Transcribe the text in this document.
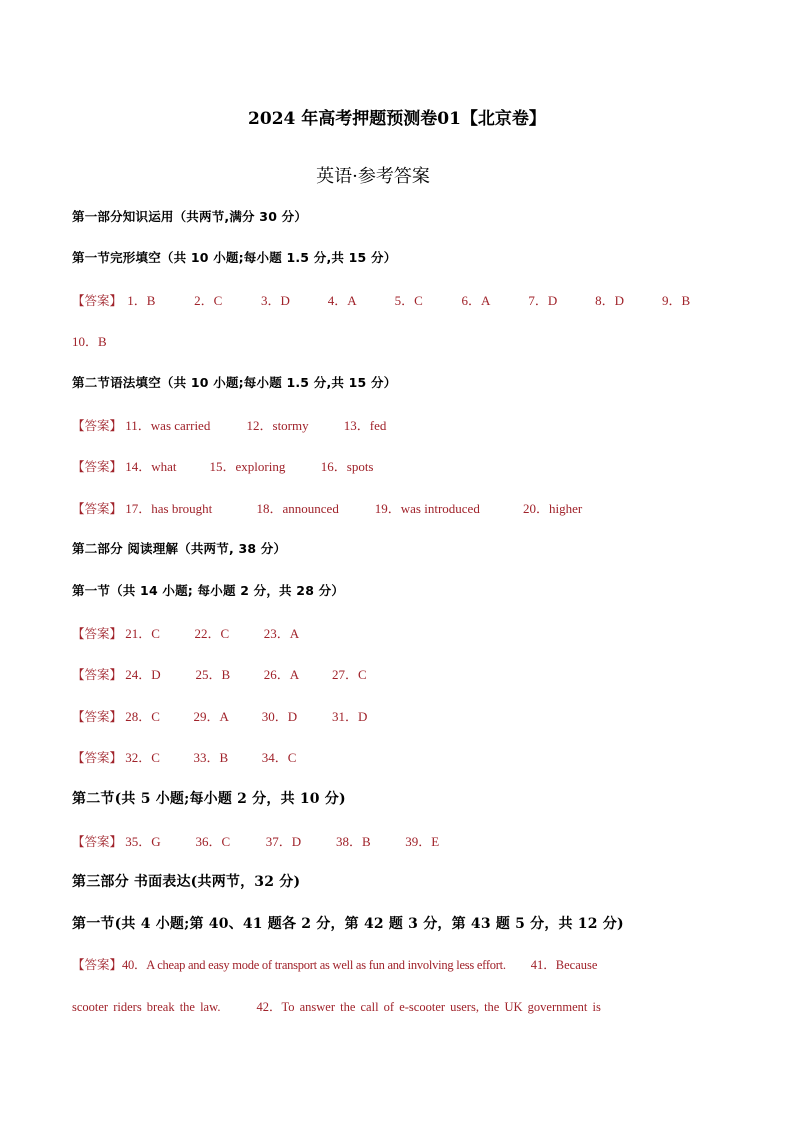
2024 年高考押题预测卷01【北京卷】
英语·参考答案
第一部分知识运用（共两节,满分 30 分）
第一节完形填空（共 10 小题;每小题 1.5 分,共 15 分）
【答案】 1．B	2．C	3．D	4．A	5．C	6．A	7．D	8．D	9．B
10．B
第二节语法填空（共 10 小题;每小题 1.5 分,共 15 分）
【答案】 11．was carried	12．stormy	13．fed
【答案】 14．what	15．exploring	16．spots
【答案】 17．has brought	18．announced	19．was introduced	20．higher
第二部分 阅读理解（共两节, 38 分）
第一节（共 14 小题; 每小题 2 分，共 28 分）
【答案】 21．C	22．C	23．A
【答案】 24．D	25．B	26．A	27．C
【答案】 28．C	29．A	30．D	31．D
【答案】 32．C	33．B	34．C
第二节(共 5 小题;每小题 2 分，共 10 分)
【答案】 35．G	36．C	37．D	38．B	39．E
第三部分 书面表达(共两节，32 分)
第一节(共 4 小题;第 40、41 题各 2 分，第 42 题 3 分，第 43 题 5 分，共 12 分)
【答案】40．A cheap and easy mode of transport as well as fun and involving less effort. 41．Because
scooter riders break the law.	42．To answer the call of e-scooter users, the UK government is
